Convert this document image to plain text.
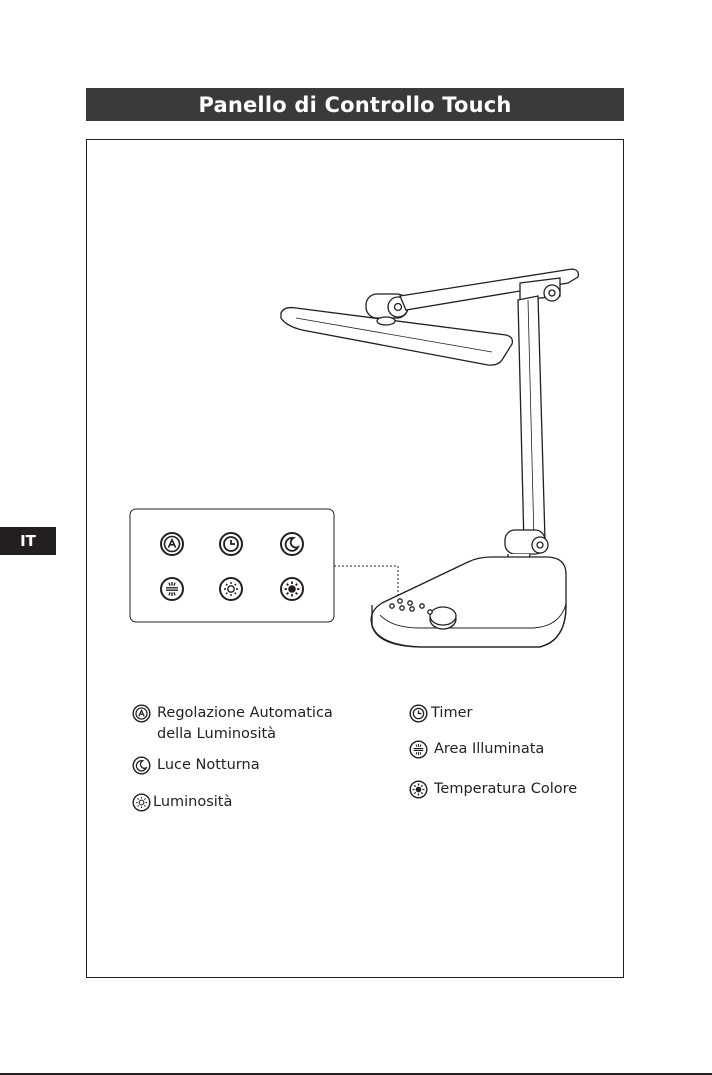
Panello di Controllo Touch
IT
Regolazione Automatica
della Luminosità
Luce Notturna
Luminosità
Timer
Area Illuminata
Temperatura Colore
